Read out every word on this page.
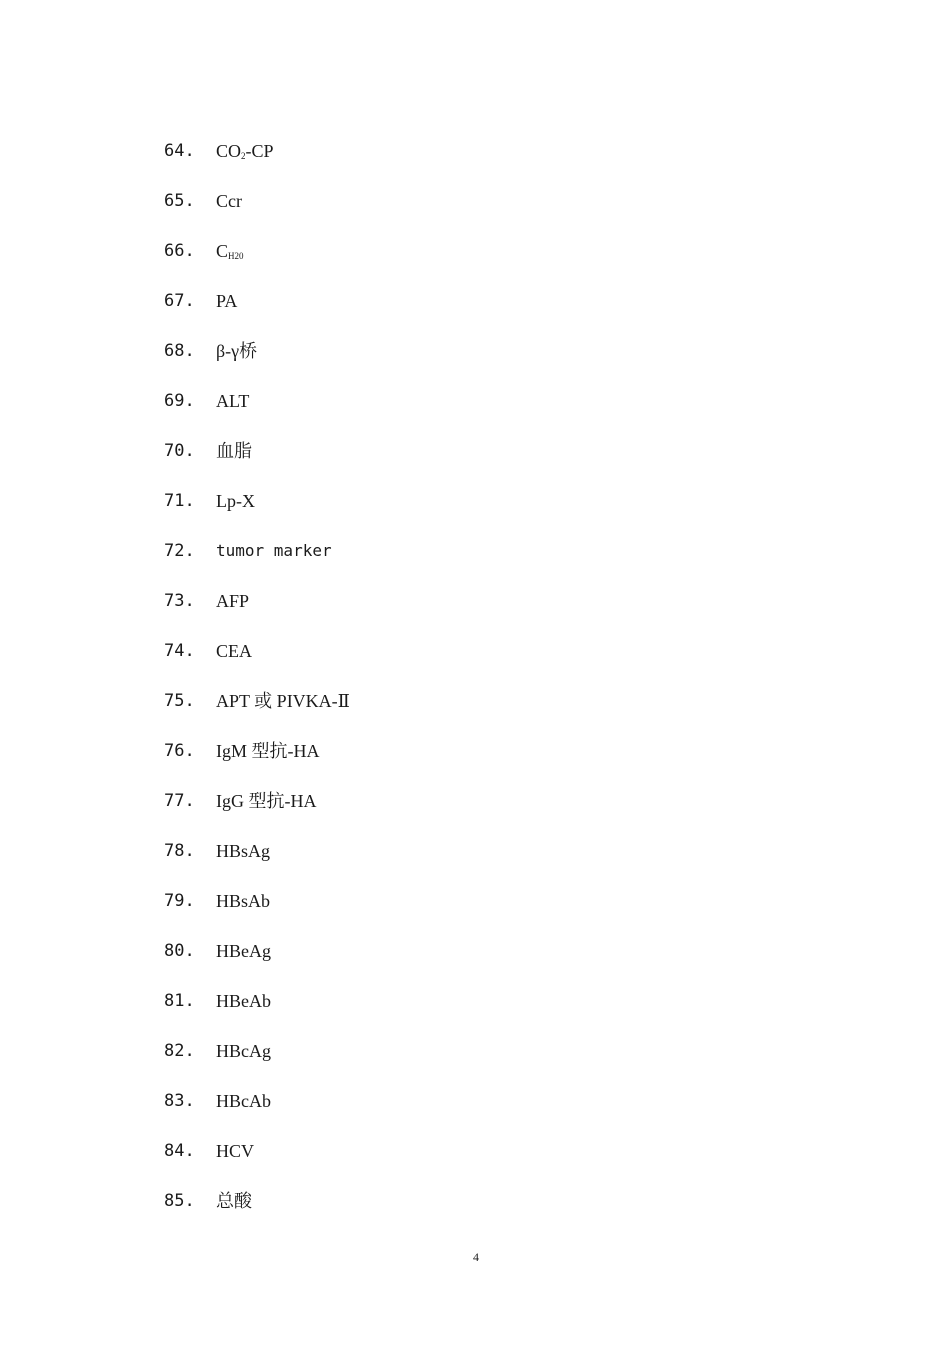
64.	$CO_2-CP$
65.	Ccr
66.	$C_{H20}$
67.	PA
68.	β-γ桥
69.	ALT
70.	血脂
71.	Lp-X
72.	tumor marker
73.	AFP
74.	CEA
75.	APT 或 PIVKA-Ⅱ
76.	IgM 型抗-HA
77.	IgG 型抗-HA
78.	HBsAg
79.	HBsAb
80.	HBeAg
81.	HBeAb
82.	HBcAg
83.	HBcAb
84.	HCV
85.	总酸
4
